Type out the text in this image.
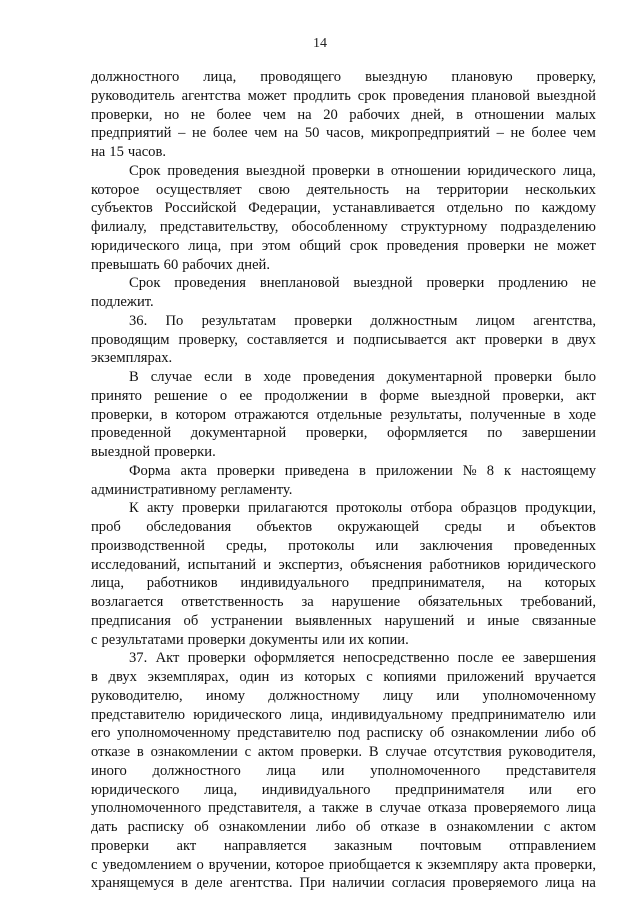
14
должностного лица, проводящего выездную плановую проверку,
руководитель агентства может продлить срок проведения плановой выездной
проверки, но не более чем на 20 рабочих дней, в отношении малых
предприятий – не более чем на 50 часов, микропредприятий – не более чем
на 15 часов.
Срок проведения выездной проверки в отношении юридического лица,
которое осуществляет свою деятельность на территории нескольких
субъектов Российской Федерации, устанавливается отдельно по каждому
филиалу, представительству, обособленному структурному подразделению
юридического лица, при этом общий срок проведения проверки не может
превышать 60 рабочих дней.
Срок проведения внеплановой выездной проверки продлению не
подлежит.
36. По результатам проверки должностным лицом агентства,
проводящим проверку, составляется и подписывается акт проверки в двух
экземплярах.
В случае если в ходе проведения документарной проверки было
принято решение о ее продолжении в форме выездной проверки, акт
проверки, в котором отражаются отдельные результаты, полученные в ходе
проведенной документарной проверки, оформляется по завершении
выездной проверки.
Форма акта проверки приведена в приложении № 8 к настоящему
административному регламенту.
К акту проверки прилагаются протоколы отбора образцов продукции,
проб обследования объектов окружающей среды и объектов
производственной среды, протоколы или заключения проведенных
исследований, испытаний и экспертиз, объяснения работников юридического
лица, работников индивидуального предпринимателя, на которых
возлагается ответственность за нарушение обязательных требований,
предписания об устранении выявленных нарушений и иные связанные
с результатами проверки документы или их копии.
37. Акт проверки оформляется непосредственно после ее завершения
в двух экземплярах, один из которых с копиями приложений вручается
руководителю, иному должностному лицу или уполномоченному
представителю юридического лица, индивидуальному предпринимателю или
его уполномоченному представителю под расписку об ознакомлении либо об
отказе в ознакомлении с актом проверки. В случае отсутствия руководителя,
иного должностного лица или уполномоченного представителя
юридического лица, индивидуального предпринимателя или его
уполномоченного представителя, а также в случае отказа проверяемого лица
дать расписку об ознакомлении либо об отказе в ознакомлении с актом
проверки акт направляется заказным почтовым отправлением
с уведомлением о вручении, которое приобщается к экземпляру акта проверки,
хранящемуся в деле агентства. При наличии согласия проверяемого лица на
